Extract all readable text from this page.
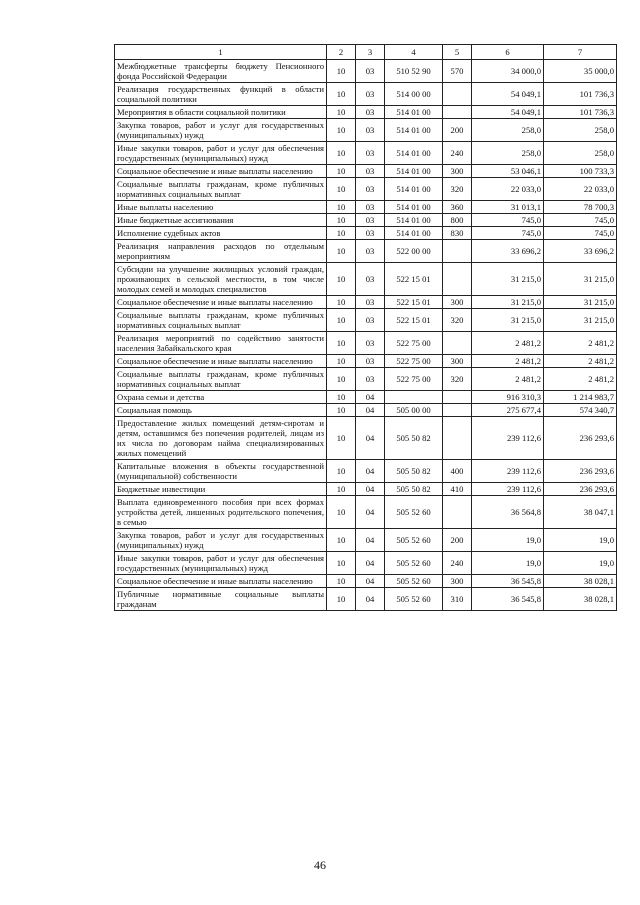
1	2	3	4	5	6	7
Межбюджетные трансферты бюджету Пенсионного фонда Российской Федерации	10	03	510 52 90	570	34 000,0	35 000,0
Реализация государственных функций в области социальной политики	10	03	514 00 00		54 049,1	101 736,3
Мероприятия в области социальной политики	10	03	514 01 00		54 049,1	101 736,3
Закупка товаров, работ и услуг для государственных (муниципальных) нужд	10	03	514 01 00	200	258,0	258,0
Иные закупки товаров, работ и услуг для обеспечения государственных (муниципальных) нужд	10	03	514 01 00	240	258,0	258,0
Социальное обеспечение и иные выплаты населению	10	03	514 01 00	300	53 046,1	100 733,3
Социальные выплаты гражданам, кроме публичных нормативных социальных выплат	10	03	514 01 00	320	22 033,0	22 033,0
Иные выплаты населению	10	03	514 01 00	360	31 013,1	78 700,3
Иные бюджетные ассигнования	10	03	514 01 00	800	745,0	745,0
Исполнение судебных актов	10	03	514 01 00	830	745,0	745,0
Реализация направления расходов по отдельным мероприятиям	10	03	522 00 00		33 696,2	33 696,2
Субсидии на улучшение жилищных условий граждан, проживающих в сельской местности, в том числе молодых семей и молодых специалистов	10	03	522 15 01		31 215,0	31 215,0
Социальное обеспечение и иные выплаты населению	10	03	522 15 01	300	31 215,0	31 215,0
Социальные выплаты гражданам, кроме публичных нормативных социальных выплат	10	03	522 15 01	320	31 215,0	31 215,0
Реализация мероприятий по содействию занятости населения Забайкальского края	10	03	522 75 00		2 481,2	2 481,2
Социальное обеспечение и иные выплаты населению	10	03	522 75 00	300	2 481,2	2 481,2
Социальные выплаты гражданам, кроме публичных нормативных социальных выплат	10	03	522 75 00	320	2 481,2	2 481,2
Охрана семьи и детства	10	04			916 310,3	1 214 983,7
Социальная помощь	10	04	505 00 00		275 677,4	574 340,7
Предоставление жилых помещений детям-сиротам и детям, оставшимся без попечения родителей, лицам из их числа по договорам найма специализированных жилых помещений	10	04	505 50 82		239 112,6	236 293,6
Капитальные вложения в объекты государственной (муниципальной) собственности	10	04	505 50 82	400	239 112,6	236 293,6
Бюджетные инвестиции	10	04	505 50 82	410	239 112,6	236 293,6
Выплата единовременного пособия при всех формах устройства детей, лишенных родительского попечения, в семью	10	04	505 52 60		36 564,8	38 047,1
Закупка товаров, работ и услуг для государственных (муниципальных) нужд	10	04	505 52 60	200	19,0	19,0
Иные закупки товаров, работ и услуг для обеспечения государственных (муниципальных) нужд	10	04	505 52 60	240	19,0	19,0
Социальное обеспечение и иные выплаты населению	10	04	505 52 60	300	36 545,8	38 028,1
Публичные нормативные социальные выплаты гражданам	10	04	505 52 60	310	36 545,8	38 028,1
46
